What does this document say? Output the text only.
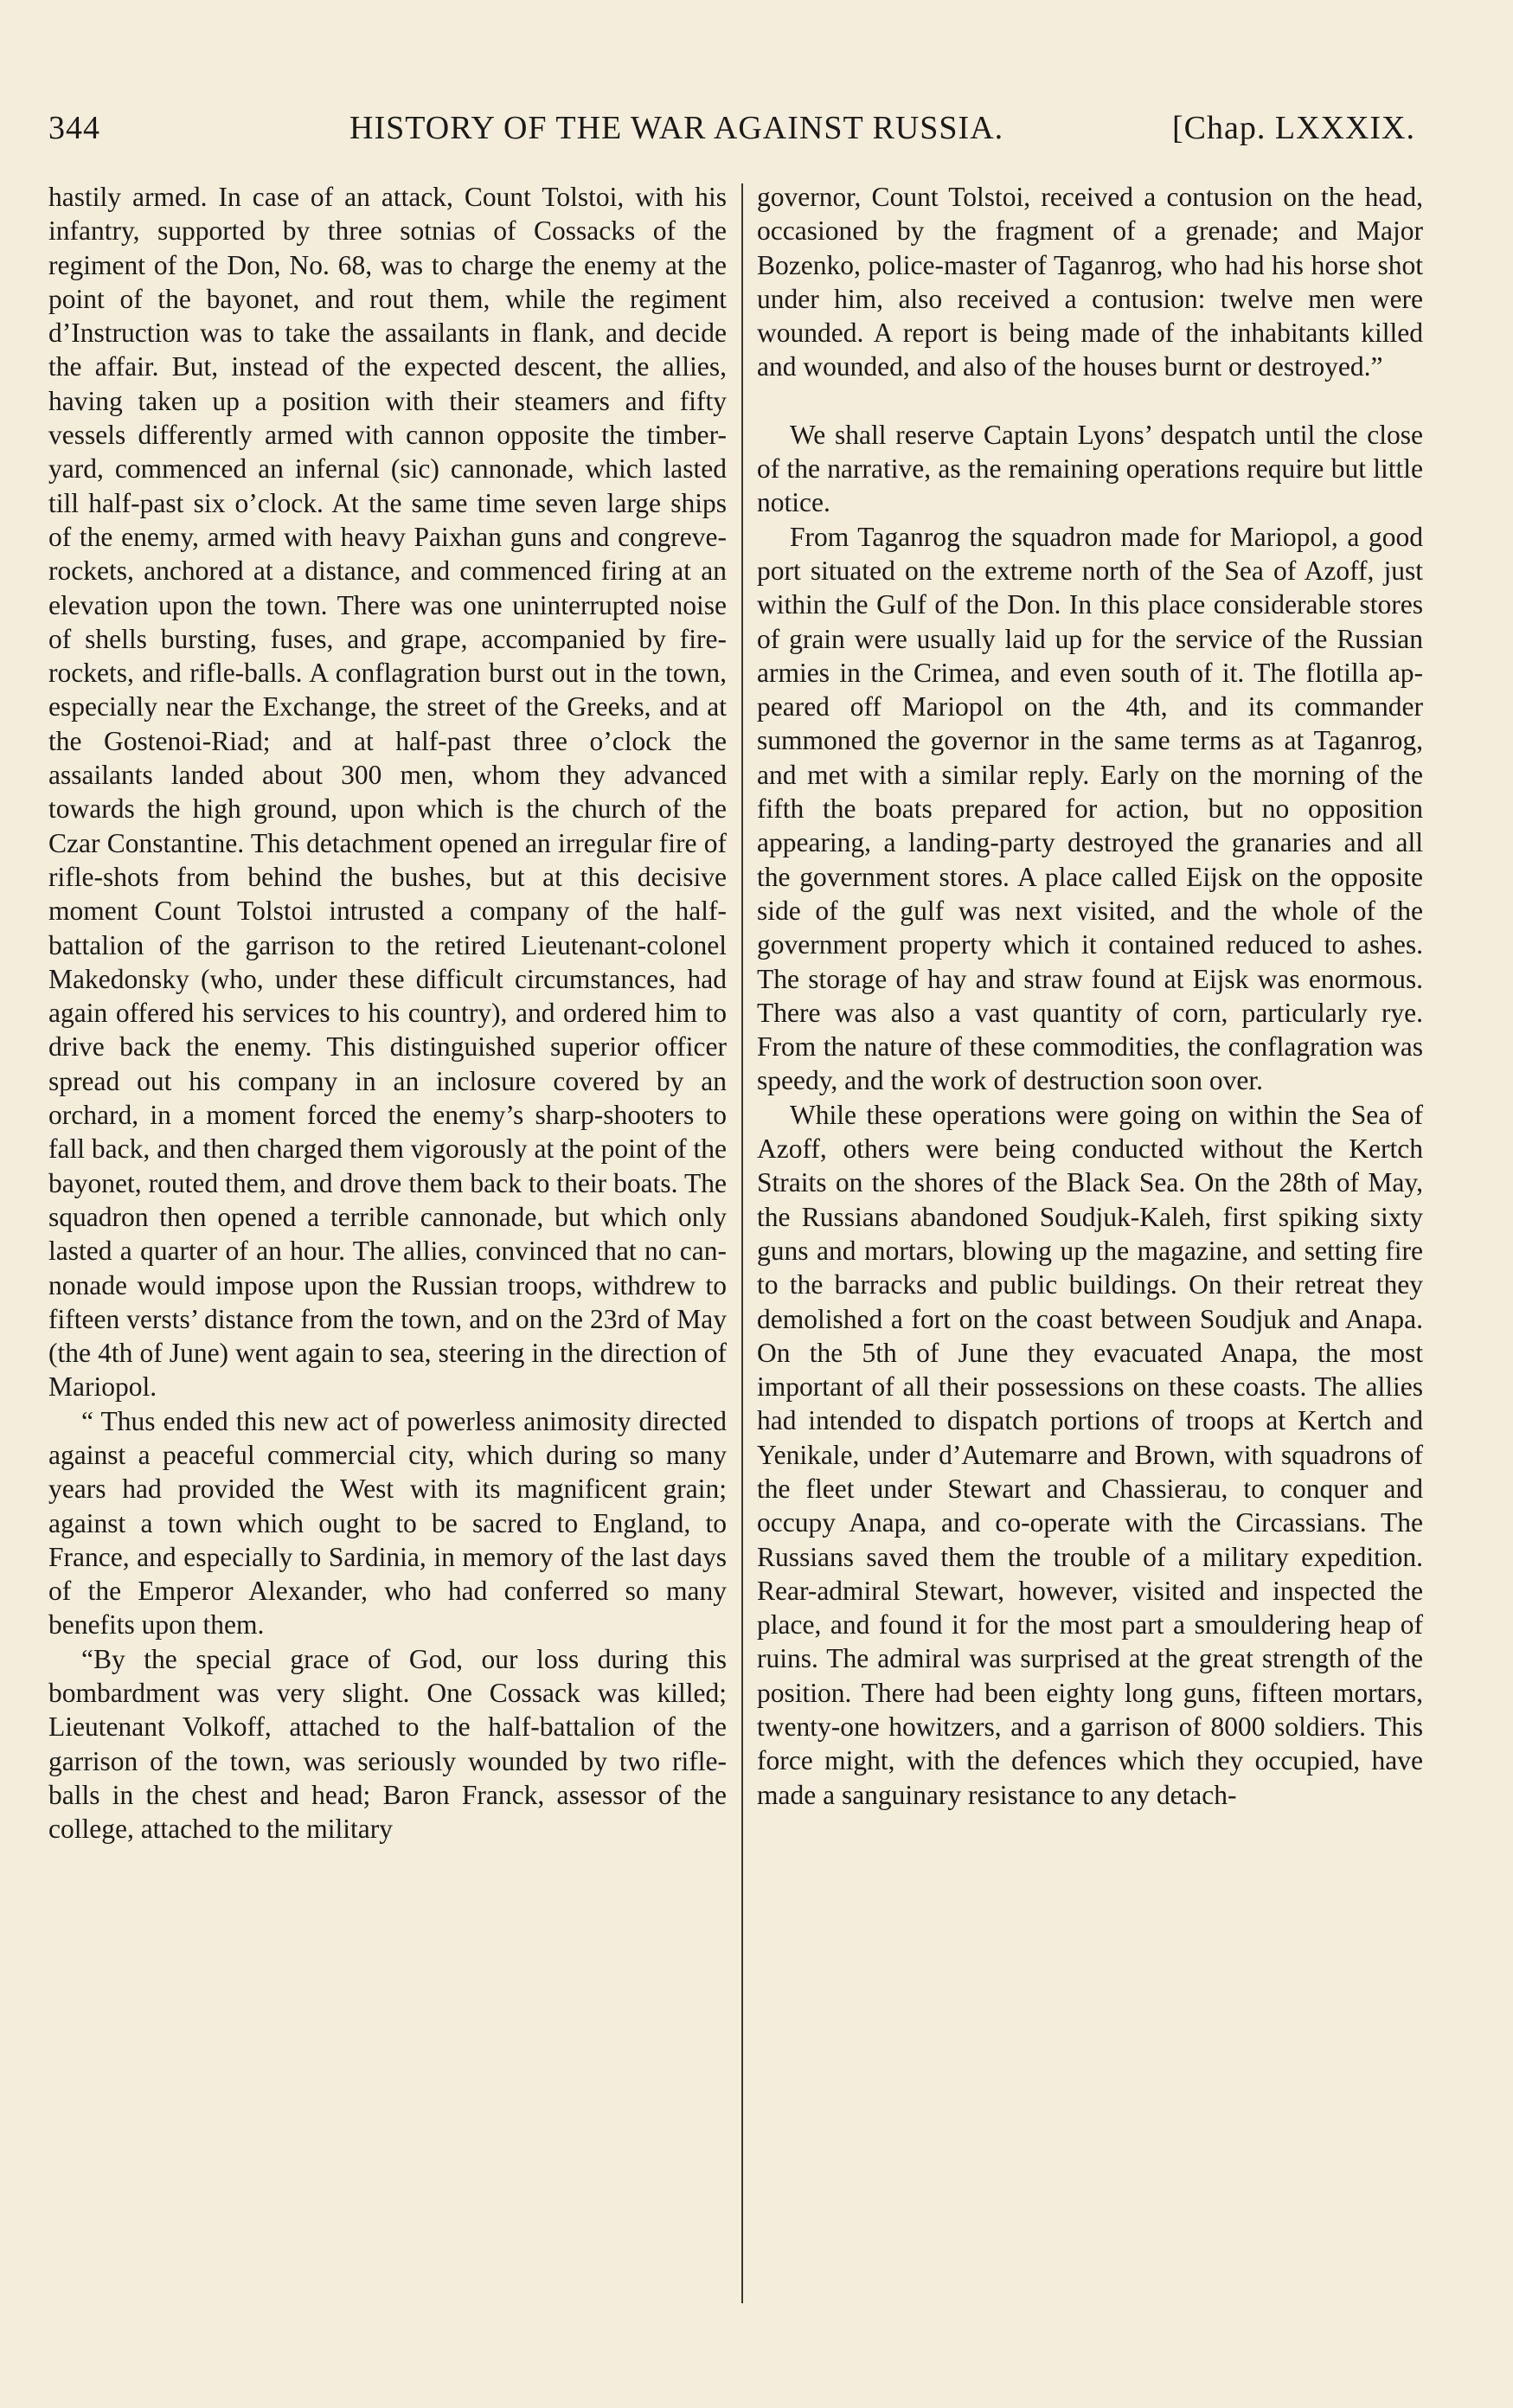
344	HISTORY OF THE WAR AGAINST RUSSIA.	[Chap. LXXXIX.

hastily armed. In case of an attack, Count Tolstoi, with his infantry, supported by three sotnias of Cossacks of the regiment of the Don, No. 68, was to charge the enemy at the point of the bayonet, and rout them, while the regiment d’Instruction was to take the assailants in flank, and decide the affair. But, instead of the expected descent, the allies, having taken up a position with their steamers and fifty vessels differently armed with cannon opposite the timber-yard, commenced an infernal (sic) cannonade, which lasted till half-past six o’clock. At the same time seven large ships of the enemy, armed with heavy Paixhan guns and congreve-rockets, anchored at a distance, and commenced firing at an elevation upon the town. There was one uninterrupted noise of shells bursting, fuses, and grape, accompanied by fire-rockets, and rifle-balls. A conflagration burst out in the town, especially near the Exchange, the street of the Greeks, and at the Gostenoi-Riad; and at half-past three o’clock the assailants landed about 300 men, whom they advanced towards the high ground, upon which is the church of the Czar Constantine. This detachment opened an irregular fire of rifle-shots from behind the bushes, but at this decisive moment Count Tolstoi intrusted a company of the half-battalion of the garrison to the retired Lieutenant-colonel Makedonsky (who, under these difficult circumstances, had again offered his services to his country), and ordered him to drive back the enemy. This distinguished superior officer spread out his company in an inclosure covered by an orchard, in a moment forced the enemy’s sharp-shooters to fall back, and then charged them vigorously at the point of the bayonet, routed them, and drove them back to their boats. The squadron then opened a terrible cannonade, but which only lasted a quarter of an hour. The allies, convinced that no cannonade would impose upon the Russian troops, withdrew to fifteen versts’ distance from the town, and on the 23rd of May (the 4th of June) went again to sea, steering in the direction of Mariopol.

“ Thus ended this new act of powerless animosity directed against a peaceful commercial city, which during so many years had provided the West with its magnificent grain; against a town which ought to be sacred to England, to France, and especially to Sardinia, in memory of the last days of the Emperor Alexander, who had conferred so many benefits upon them.

“By the special grace of God, our loss during this bombardment was very slight. One Cossack was killed; Lieutenant Volkoff, attached to the half-battalion of the garrison of the town, was seriously wounded by two rifle-balls in the chest and head; Baron Franck, assessor of the college, attached to the military

governor, Count Tolstoi, received a contusion on the head, occasioned by the fragment of a grenade; and Major Bozenko, police-master of Taganrog, who had his horse shot under him, also received a contusion: twelve men were wounded. A report is being made of the inhabitants killed and wounded, and also of the houses burnt or destroyed.”

We shall reserve Captain Lyons’ despatch until the close of the narrative, as the remaining operations require but little notice.

From Taganrog the squadron made for Mariopol, a good port situated on the extreme north of the Sea of Azoff, just within the Gulf of the Don. In this place considerable stores of grain were usually laid up for the service of the Russian armies in the Crimea, and even south of it. The flotilla appeared off Mariopol on the 4th, and its commander summoned the governor in the same terms as at Taganrog, and met with a similar reply. Early on the morning of the fifth the boats prepared for action, but no opposition appearing, a landing-party destroyed the granaries and all the government stores. A place called Eijsk on the opposite side of the gulf was next visited, and the whole of the government property which it contained reduced to ashes. The storage of hay and straw found at Eijsk was enormous. There was also a vast quantity of corn, particularly rye. From the nature of these commodities, the conflagration was speedy, and the work of destruction soon over.

While these operations were going on within the Sea of Azoff, others were being conducted without the Kertch Straits on the shores of the Black Sea. On the 28th of May, the Russians abandoned Soudjuk-Kaleh, first spiking sixty guns and mortars, blowing up the magazine, and setting fire to the barracks and public buildings. On their retreat they demolished a fort on the coast between Soudjuk and Anapa. On the 5th of June they evacuated Anapa, the most important of all their possessions on these coasts. The allies had intended to dispatch portions of troops at Kertch and Yenikale, under d’Autemarre and Brown, with squadrons of the fleet under Stewart and Chassierau, to conquer and occupy Anapa, and co-operate with the Circassians. The Russians saved them the trouble of a military expedition. Rear-admiral Stewart, however, visited and inspected the place, and found it for the most part a smouldering heap of ruins. The admiral was surprised at the great strength of the position. There had been eighty long guns, fifteen mortars, twenty-one howitzers, and a garrison of 8000 soldiers. This force might, with the defences which they occupied, have made a sanguinary resistance to any detach-
